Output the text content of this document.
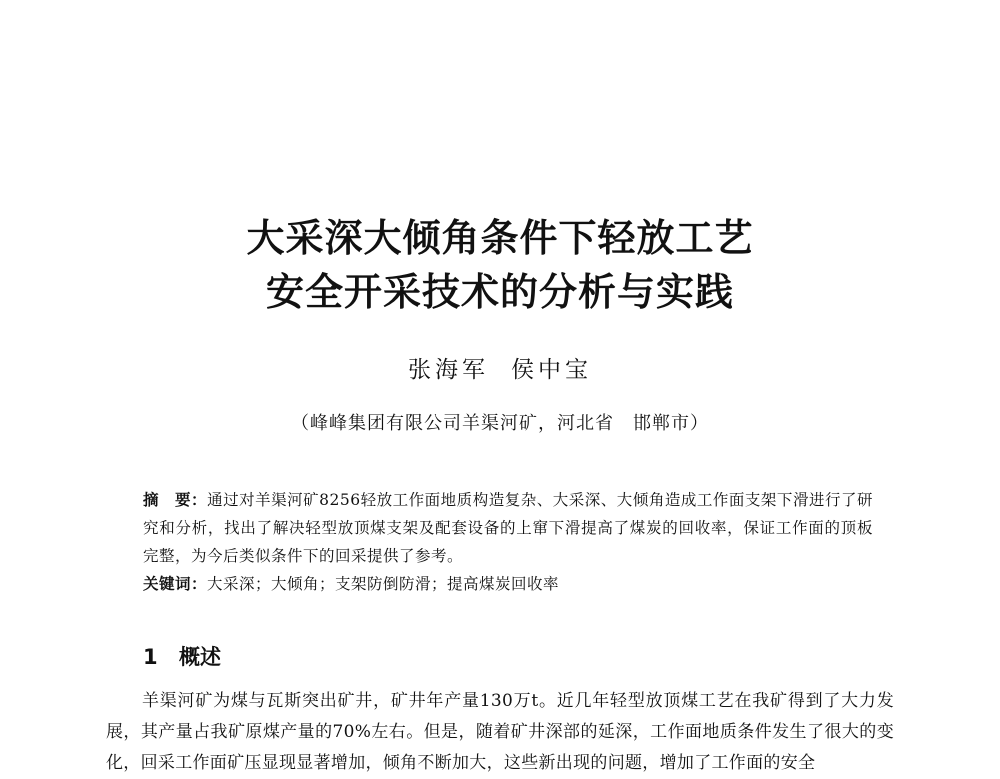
大采深大倾角条件下轻放工艺
安全开采技术的分析与实践
张海军 侯中宝
（峰峰集团有限公司羊渠河矿，河北省　邯郸市）
摘　要：通过对羊渠河矿8256轻放工作面地质构造复杂、大采深、大倾角造成工作面支架下滑进行了研究和分析，找出了解决轻型放顶煤支架及配套设备的上窜下滑提高了煤炭的回收率，保证工作面的顶板完整，为今后类似条件下的回采提供了参考。
关键词：大采深；大倾角；支架防倒防滑；提高煤炭回收率
1 概述
羊渠河矿为煤与瓦斯突出矿井，矿井年产量130万t。近几年轻型放顶煤工艺在我矿得到了大力发展，其产量占我矿原煤产量的70%左右。但是，随着矿井深部的延深，工作面地质条件发生了很大的变化，回采工作面矿压显现显著增加，倾角不断加大，这些新出现的问题，增加了工作面的安全
